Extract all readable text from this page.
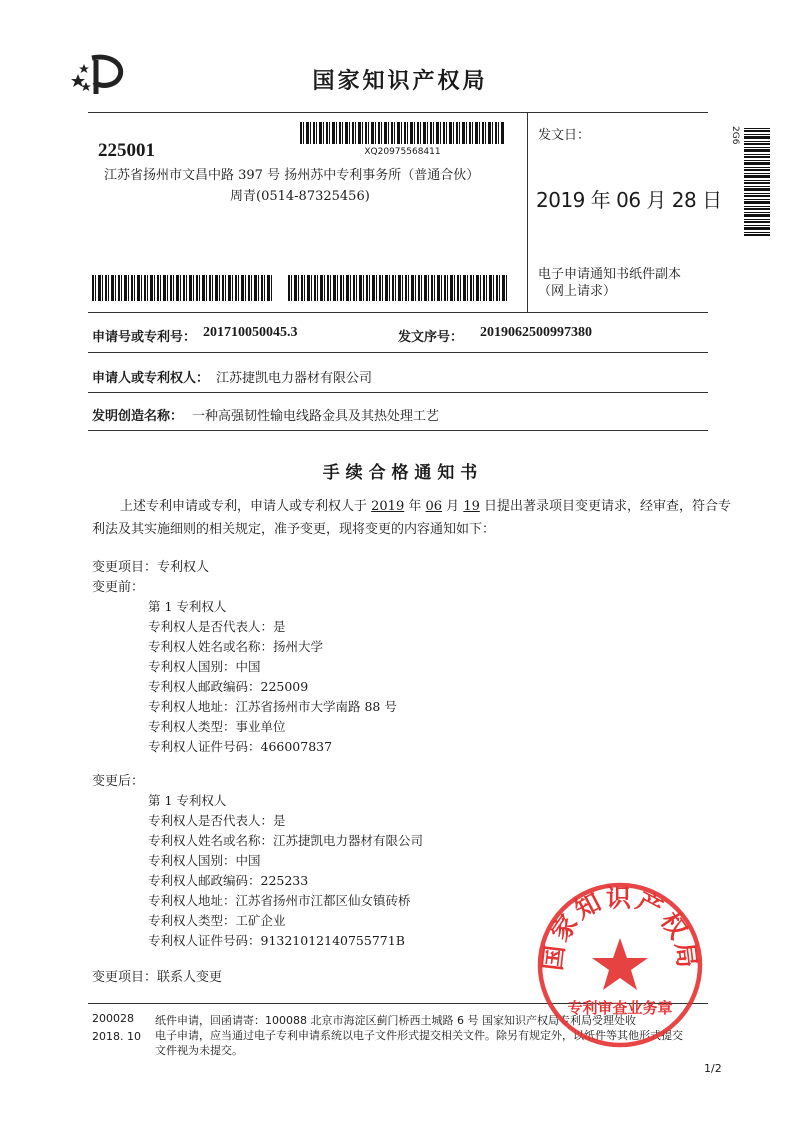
国家知识产权局
225001	XQ20975568411
江苏省扬州市文昌中路 397 号 扬州苏中专利事务所（普通合伙）
周青(0514-87325456)
发文日：
2019 年 06 月 28 日
电子申请通知书纸件副本（网上请求）
2G6
申请号或专利号： 201710050045.3	发文序号： 2019062500997380
申请人或专利权人： 江苏捷凯电力器材有限公司
发明创造名称： 一种高强韧性输电线路金具及其热处理工艺
手 续 合 格 通 知 书
上述专利申请或专利，申请人或专利权人于 2019 年 06 月 19 日提出著录项目变更请求，经审查，符合专
利法及其实施细则的相关规定，准予变更，现将变更的内容通知如下：
变更项目：专利权人
变更前：
第 1 专利权人
专利权人是否代表人：是
专利权人姓名或名称：扬州大学
专利权人国别：中国
专利权人邮政编码：225009
专利权人地址：江苏省扬州市大学南路 88 号
专利权人类型：事业单位
专利权人证件号码：466007837
变更后：
第 1 专利权人
专利权人是否代表人：是
专利权人姓名或名称：江苏捷凯电力器材有限公司
专利权人国别：中国
专利权人邮政编码：225233
专利权人地址：江苏省扬州市江都区仙女镇砖桥
专利权人类型：工矿企业
专利权人证件号码：91321012140755771B
变更项目：联系人变更
200028
2018. 10
纸件申请，回函请寄：100088 北京市海淀区蓟门桥西土城路 6 号 国家知识产权局专利局受理处收
电子申请，应当通过电子专利申请系统以电子文件形式提交相关文件。除另有规定外，以纸件等其他形式提交
文件视为未提交。
1/2
国家知识产权局
专利审查业务章
